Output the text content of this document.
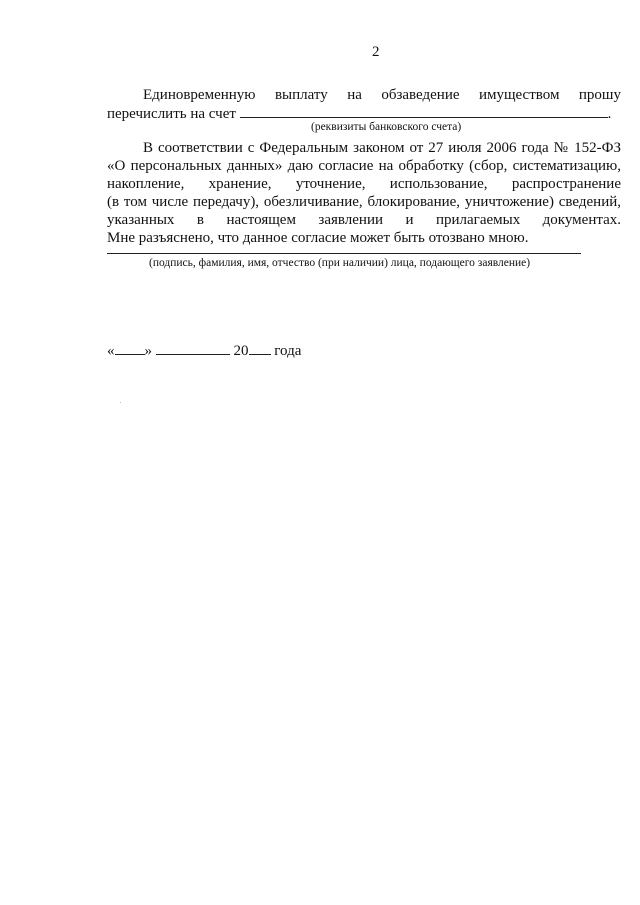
2
Единовременную выплату на обзаведение имуществом прошу
перечислить на счет	.
(реквизиты банковского счета)
В соответствии с Федеральным законом от 27 июля 2006 года № 152-ФЗ
«О персональных данных» даю согласие на обработку (сбор, систематизацию,
накопление, хранение, уточнение, использование, распространение
(в том числе передачу), обезличивание, блокирование, уничтожение) сведений,
указанных в настоящем заявлении и прилагаемых документах.
Мне разъяснено, что данное согласие может быть отозвано мною.
(подпись, фамилия, имя, отчество (при наличии) лица, подающего заявление)
« »	20 года
